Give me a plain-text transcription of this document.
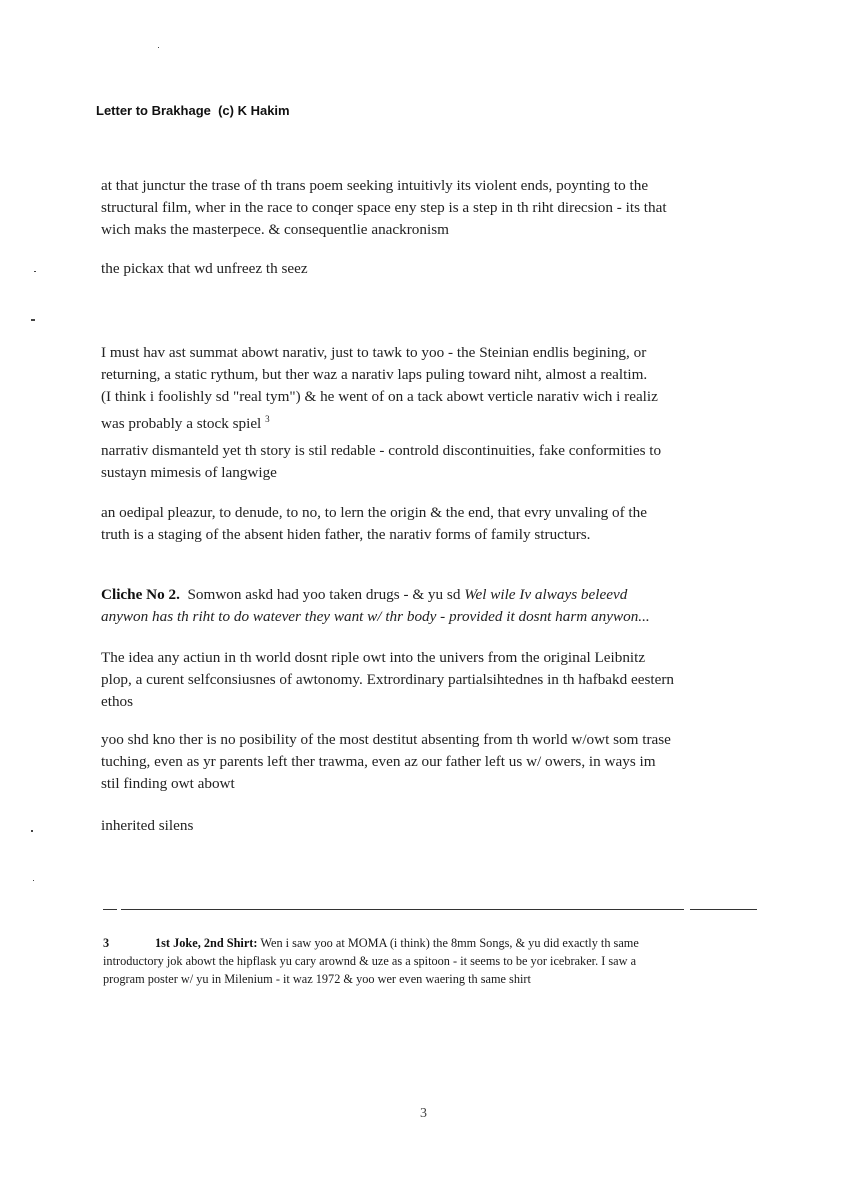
Letter to Brakhage  (c) K Hakim
at that junctur the trase of th trans poem seeking intuitivly its violent ends, poynting to the
structural film, wher in the race to conqer space eny step is a step in th riht direcsion - its that
wich maks the masterpece. & consequentlie anackronism
the pickax that wd unfreez th seez
I must hav ast summat abowt narativ, just to tawk to yoo - the Steinian endlis begining, or
returning, a static rythum, but ther waz a narativ laps puling toward niht, almost a realtim.
(I think i foolishly sd "real tym") & he went of on a tack abowt verticle narativ wich i realiz
was probably a stock spiel $^3$
narrativ dismanteld yet th story is stil redable - controld discontinuities, fake conformities to
sustayn mimesis of langwige
an oedipal pleazur, to denude, to no, to lern the origin & the end, that evry unvaling of the
truth is a staging of the absent hiden father, the narativ forms of family structurs.
Cliche No 2. Somwon askd had yoo taken drugs - & yu sd Wel wile Iv always beleevd
anywon has th riht to do watever they want w/ thr body - provided it dosnt harm anywon...
The idea any actiun in th world dosnt riple owt into the univers from the original Leibnitz
plop, a curent selfconsiusnes of awtonomy. Extrordinary partialsihtednes in th hafbakd eestern
ethos
yoo shd kno ther is no posibility of the most destitut absenting from th world w/owt som trase
tuching, even as yr parents left ther trawma, even az our father left us w/ owers, in ways im
stil finding owt abowt
inherited silens
3	1st Joke, 2nd Shirt: Wen i saw yoo at MOMA (i think) the 8mm Songs, & yu did exactly th same
introductory jok abowt the hipflask yu cary arownd & uze as a spitoon - it seems to be yor icebraker. I saw a
program poster w/ yu in Milenium - it waz 1972 & yoo wer even waering th same shirt
3
